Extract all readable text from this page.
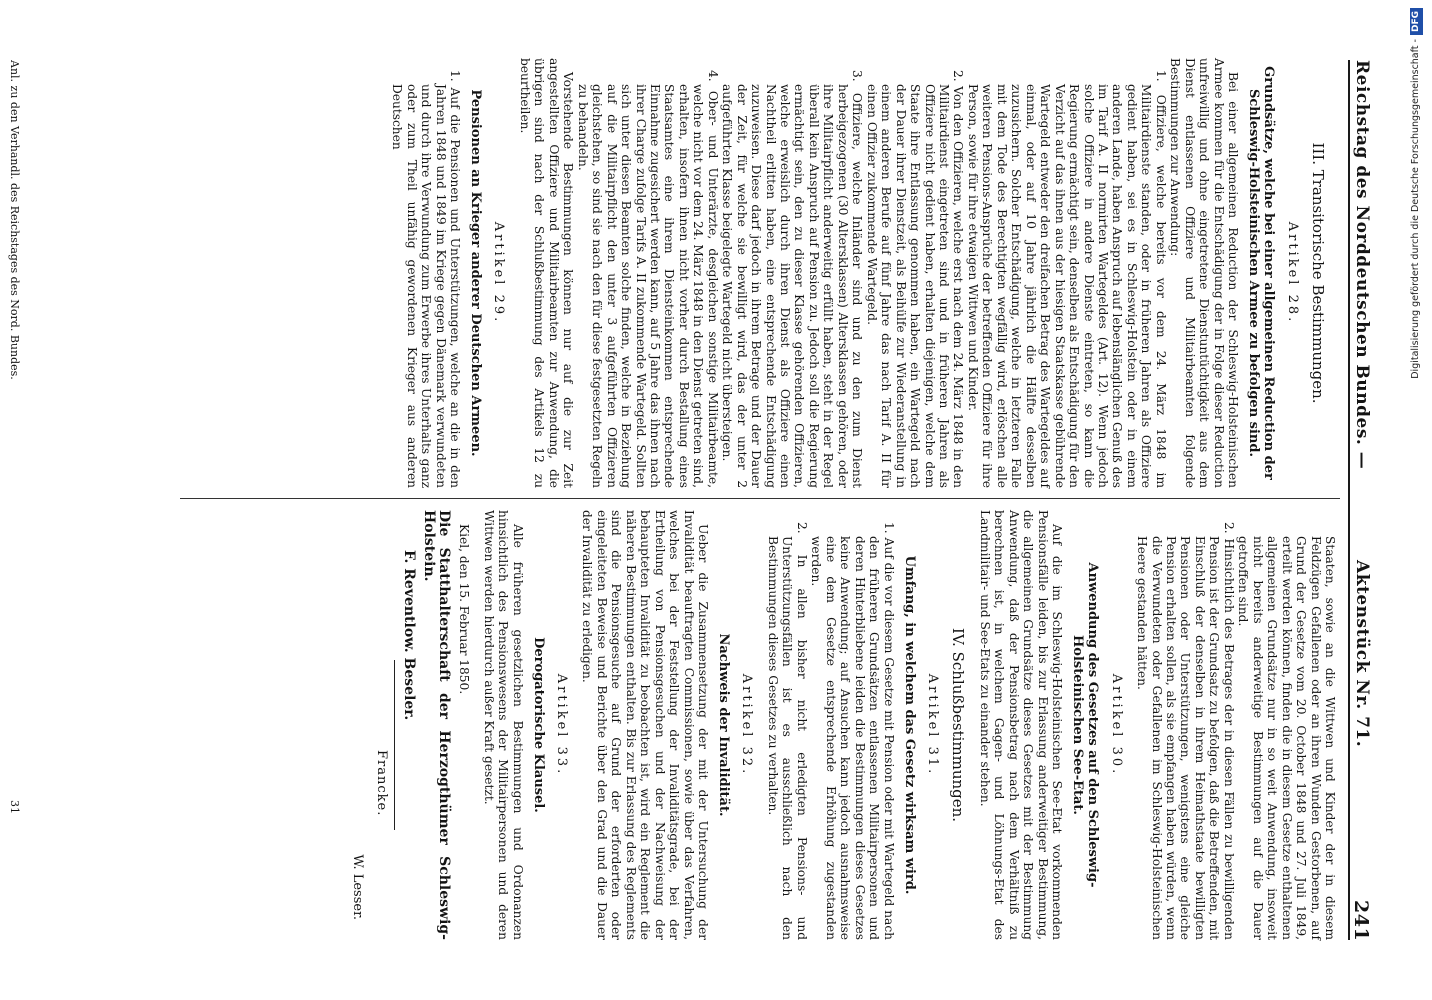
Reichstag des Norddeutschen Bundes. —
Aktenstück Nr. 71.
241
III. Transitorische Bestimmungen.
Artikel 28.
Grundsätze, welche bei einer allgemeinen Reduction der Schleswig-Holsteinischen Armee zu befolgen sind.

Bei einer allgemeinen Reduction der Schleswig-Holsteinischen Armee kommen für die Entschädigung der in Folge dieser Reduction unfreiwillig und ohne eingetretene Dienstuntüchtigkeit aus dem Dienst entlassenen Offiziere und Militairbeamten folgende Bestimmungen zur Anwendung:

1. Offiziere, welche bereits vor dem 24. März 1848 im Militairdienste standen, oder in früheren Jahren als Offiziere gedient haben, sei es in Schleswig-Holstein oder in einem anderen Lande, haben Anspruch auf lebenslänglichen Genuß des im Tarif A. II normirten Wartegeldes (Art. 12). Wenn jedoch solche Offiziere in andere Dienste eintreten, so kann die Regierung ermächtigt sein, denselben als Entschädigung für den Verzicht auf das ihnen aus der hiesigen Staatskasse gebührende Wartegeld entweder den dreifachen Betrag des Wartegeldes auf einmal, oder auf 10 Jahre jährlich die Hälfte desselben zuzusichern. Solcher Entschädigung, welche in letzteren Falle mit dem Tode des Berechtigten wegfällig wird, erlöschen alle weiteren Pensions-Ansprüche der betreffenden Offiziere für ihre Person, sowie für ihre etwaigen Wittwen und Kinder.

2. Von den Offizieren, welche erst nach dem 24. März 1848 in den Militairdienst eingetreten sind und in früheren Jahren als Offiziere nicht gedient haben, erhalten diejenigen, welche dem Staate ihre Entlassung genommen haben, ein Wartegeld nach der Dauer ihrer Dienstzeit, als Beihülfe zur Wiederanstellung in einem anderen Berufe auf fünf Jahre das nach Tarif A. II für einen Offizier zukommende Wartegeld.

3. Offiziere, welche Inländer sind und zu den zum Dienst herbeigezogenen (30 Altersklassen) Altersklassen gehören, oder ihre Militairpflicht anderweitig erfüllt haben, steht in der Regel überall kein Anspruch auf Pension zu. Jedoch soll die Regierung ermächtigt sein, den zu dieser Klasse gehörenden Offizieren, welche erweislich durch ihren Dienst als Offiziere einen Nachtheil erlitten haben, eine entsprechende Entschädigung zuzuweisen. Diese darf jedoch in ihrem Betrage und der Dauer der Zeit, für welche sie bewilligt wird, das der unter 2 aufgeführten Klasse beigelegte Wartegeld nicht übersteigen.

4. Ober- und Unterärzte, desgleichen sonstige Militairbeamte, welche nicht vor dem 24. März 1848 in den Dienst getreten sind, erhalten, insofern ihnen nicht vorher durch Bestallung eines Staatsamtes eine ihrem Diensteinkommen entsprechende Einnahme zugesichert werden kann, auf 5 Jahre das ihnen nach ihrer Charge zufolge Tarifs A. II zukommende Wartegeld. Sollten sich unter diesen Beamten solche finden, welche in Beziehung auf die Militairpflicht den unter 3 aufgeführten Offizieren gleichstehen, so sind sie nach den für diese festgesetzten Regeln zu behandeln.

Vorstehende Bestimmungen können nur auf die zur Zeit angestellten Offiziere und Militairbeamten zur Anwendung, die übrigen sind nach der Schlußbestimmung des Artikels 12 zu beurtheilen.

Artikel 29.
Pensionen an Krieger anderer Deutschen Armeen.

1. Auf die Pensionen und Unterstützungen, welche an die in den Jahren 1848 und 1849 im Kriege gegen Dänemark verwundeten und durch ihre Verwundung zum Erwerbe ihres Unterhalts ganz oder zum Theil unfähig gewordenen Krieger aus anderen Deutschen

Staaten, sowie an die Wittwen und Kinder der in diesem Feldzügen Gefallenen oder an ihren Wunden Gestorbenen, auf Grund der Gesetze vom 20. October 1848 und 27. Juli 1849, erteilt werden können, finden die in diesem Gesetze enthaltenen allgemeinen Grundsätze nur in so weit Anwendung, insoweit nicht bereits anderweitige Bestimmungen auf die Dauer getroffen sind.

2. Hinsichtlich des Betrages der in diesen Fällen zu bewilligenden Pension ist der Grundsatz zu befolgen, daß die Betreffenden, mit Einschluß der denselben in ihrem Heimathstaate bewilligten Pensionen oder Unterstützungen, wenigstens eine gleiche Pension erhalten sollen, als sie empfangen haben würden, wenn die Verwundeten oder Gefallenen im Schleswig-Holsteinischen Heere gestanden hätten.

Artikel 30.
Anwendung des Gesetzes auf den Schleswig-Holsteinischen See-Etat.

Auf die im Schleswig-Holsteinischen See-Etat vorkommenden Pensionsfälle leiden, bis zur Erlassung anderweitiger Bestimmung, die allgemeinen Grundsätze dieses Gesetzes mit der Bestimmung Anwendung, daß der Pensionsbetrag nach dem Verhältniß zu berechnen ist, in welchem Gagen- und Löhnungs-Etat des Landmilitair- und See-Etats zu einander stehen.

IV. Schlußbestimmungen.
Artikel 31.
Umfang, in welchem das Gesetz wirksam wird.

1. Auf die vor diesem Gesetze mit Pension oder mit Wartegeld nach den früheren Grundsätzen entlassenen Militairpersonen und deren Hinterbliebene leiden die Bestimmungen dieses Gesetzes keine Anwendung; auf Ansuchen kann jedoch ausnahmsweise eine dem Gesetze entsprechende Erhöhung zugestanden werden.

2. In allen bisher nicht erledigten Pensions- und Unterstützungsfällen ist es ausschließlich nach den Bestimmungen dieses Gesetzes zu verhalten.

Artikel 32.
Nachweis der Invalidität.

Ueber die Zusammensetzung der mit der Untersuchung der Invalidität beauftragten Commissionen, sowie über das Verfahren, welches bei der Feststellung der Invaliditätsgrade, bei der Ertheilung von Pensionsgesuchen und der Nachweisung der behaupteten Invalidität zu beobachten ist, wird ein Reglement die näheren Bestimmungen enthalten. Bis zur Erlassung des Reglements sind die Pensionsgesuche auf Grund der erforderten oder eingeleiteten Beweise und Berichte über den Grad und die Dauer der Invalidität zu erledigen.

Artikel 33.
Derogatorische Klausel.

Alle früheren gesetzlichen Bestimmungen und Ordonanzen hinsichtlich des Pensionswesens der Militairpersonen und deren Wittwen werden hierdurch außer Kraft gesetzt.

Kiel, den 15. Februar 1850.

Die Statthalterschaft der Herzogthümer Schleswig-Holstein.
F. Reventlow. Beseler.
Francke.
W. Lesser.
Anl. zu den Verhandl. des Reichstages des Nord. Bundes.
31
Digitalisierung gefördert durch die Deutsche Forschungsgemeinschaft -DFG
